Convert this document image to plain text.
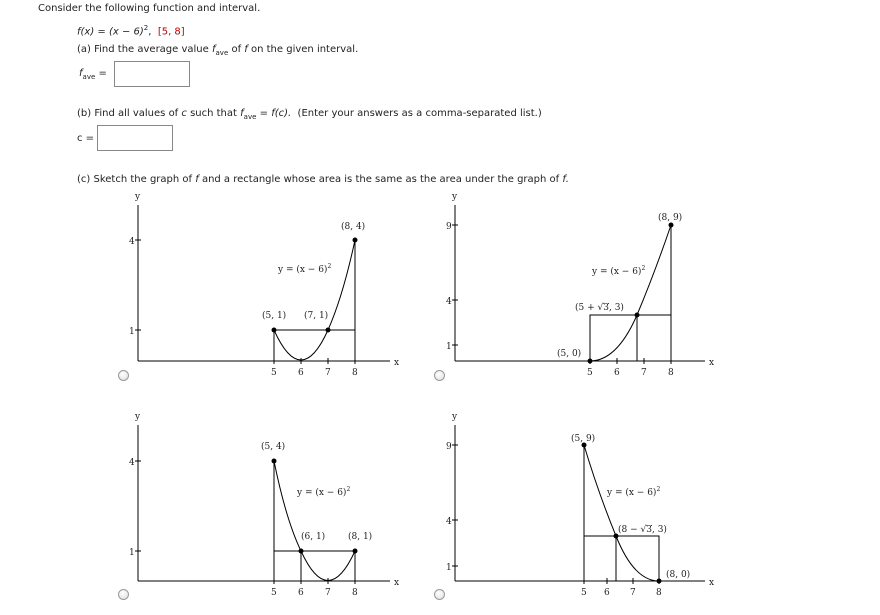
Consider the following function and interval.
$f(x) = (x - 6)^2$,  [5, 8]
(a) Find the average value $f_{ave}$ of f on the given interval.
$f_{ave}$ =
(b) Find all values of c such that $f_{ave} = f(c)$. (Enter your answers as a comma-separated list.)
c =
(c) Sketch the graph of f and a rectangle whose area is the same as the area under the graph of f.
y
x
4
1
5 6 7 8
$y = (x - 6)^2$
(8, 4)
(5, 1) (7, 1)
y
x
9
4
1
5 6 7 8
$y = (x - 6)^2$
(8, 9)
(5, 0)
(5 + √3, 3)
y
x
4
1
5 6 7 8
$y = (x - 6)^2$
(5, 4)
(6, 1)	(8, 1)
y
x
9
4
1
5 6 7 8
$y = (x - 6)^2$
(5, 9)
(8, 0)
(8 − √3, 3)
